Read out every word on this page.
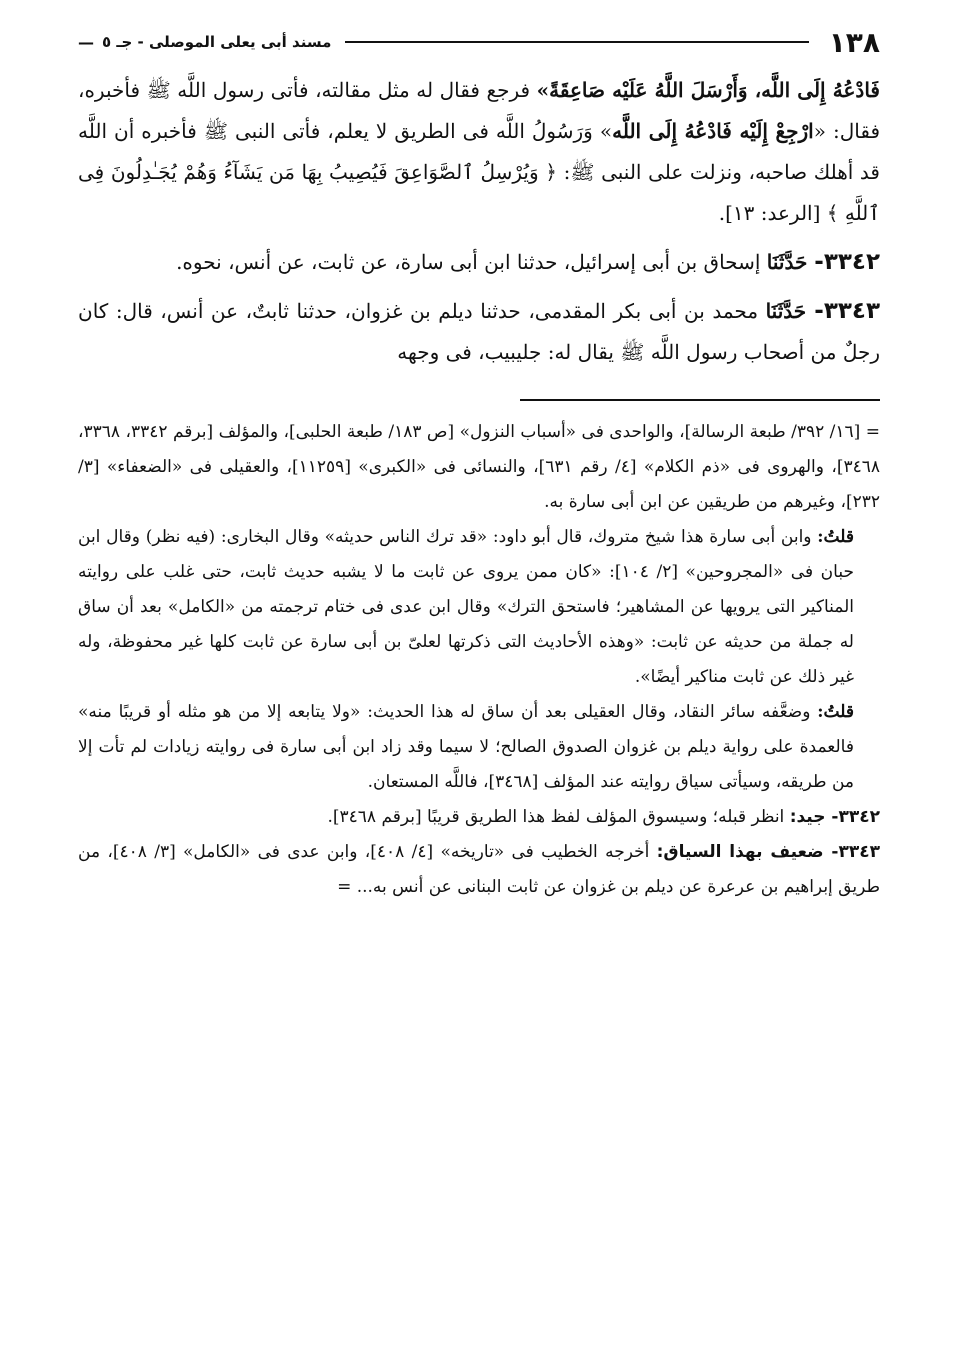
١٣٨
مسند أبى يعلى الموصلى - جـ ٥
—

فَادْعُهُ إِلَى اللَّه، وَأَرْسَلَ اللَّهُ عَلَيْه صَاعِقَةً» فرجع فقال له مثل مقالته، فأتى رسول اللَّه ﷺ فأخبره، فقال: «ارْجِعْ إِلَيْه فَادْعُهُ إِلَى اللَّه» وَرَسُولُ اللَّه فى الطريق لا يعلم، فأتى النبى ﷺ فأخبره أن اللَّه قد أهلك صاحبه، ونزلت على النبى ﷺ: ﴿ وَيُرْسِلُ ٱلصَّوَاعِقَ فَيُصِيبُ بِهَا مَن يَشَآءُ وَهُمْ يُجَـٰدِلُونَ فِى ٱللَّهِ ﴾ [الرعد: ١٣].

٣٣٤٢- حَدَّثَنَا إسحاق بن أبى إسرائيل، حدثنا ابن أبى سارة، عن ثابت، عن أنس، نحوه.

٣٣٤٣- حَدَّثَنَا محمد بن أبى بكر المقدمى، حدثنا ديلم بن غزوان، حدثنا ثابتٌ، عن أنس، قال: كان رجلٌ من أصحاب رسول اللَّه ﷺ يقال له: جليبيب، فى وجهه

= [١٦/ ٣٩٢/ طبعة الرسالة]، والواحدى فى «أسباب النزول» [ص ١٨٣/ طبعة الحلبى]، والمؤلف [برقم ٣٣٤٢، ٣٣٦٨، ٣٤٦٨]، والهروى فى «ذم الكلام» [٤/ رقم ٦٣١]، والنسائى فى «الكبرى» [١١٢٥٩]، والعقيلى فى «الضعفاء» [٣/ ٢٣٢]، وغيرهم من طريقين عن ابن أبى سارة به.

قلتُ: وابن أبى سارة هذا شيخ متروك، قال أبو داود: «قد ترك الناس حديثه» وقال البخارى: (فيه نظر) وقال ابن حبان فى «المجروحين» [٢/ ١٠٤]: «كان ممن يروى عن ثابت ما لا يشبه حديث ثابت، حتى غلب على روايته المناكير التى يرويها عن المشاهير؛ فاستحق الترك» وقال ابن عدى فى ختام ترجمته من «الكامل» بعد أن ساق له جملة من حديثه عن ثابت: «وهذه الأحاديث التى ذكرتها لعلىّ بن أبى سارة عن ثابت كلها غير محفوظة، وله غير ذلك عن ثابت مناكير أيضًا».

قلتُ: وضعَّفه سائر النقاد، وقال العقيلى بعد أن ساق له هذا الحديث: «ولا يتابعه إلا من هو مثله أو قريبًا منه» فالعمدة على رواية ديلم بن غزوان الصدوق الصالح؛ لا سيما وقد زاد ابن أبى سارة فى روايته زيادات لم تأت إلا من طريقه، وسيأتى سياق روايته عند المؤلف [٣٤٦٨]، فاللَّه المستعان.

٣٣٤٢- جيد: انظر قبله؛ وسيسوق المؤلف لفظ هذا الطريق قريبًا [برقم ٣٤٦٨].

٣٣٤٣- ضعيف بهذا السياق: أخرجه الخطيب فى «تاريخه» [٤/ ٤٠٨]، وابن عدى فى «الكامل» [٣/ ٤٠٨]، من طريق إبراهيم بن عرعرة عن ديلم بن غزوان عن ثابت البنانى عن أنس به... =
